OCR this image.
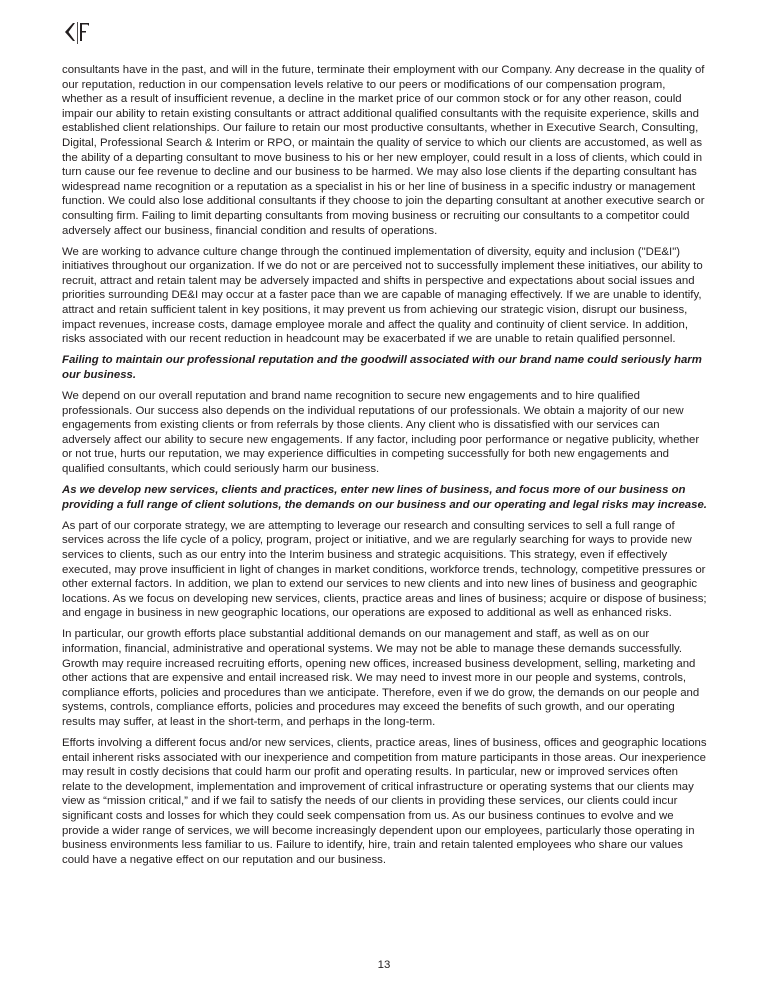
consultants have in the past, and will in the future, terminate their employment with our Company. Any decrease in the quality of our reputation, reduction in our compensation levels relative to our peers or modifications of our compensation program, whether as a result of insufficient revenue, a decline in the market price of our common stock or for any other reason, could impair our ability to retain existing consultants or attract additional qualified consultants with the requisite experience, skills and established client relationships. Our failure to retain our most productive consultants, whether in Executive Search, Consulting, Digital, Professional Search & Interim or RPO, or maintain the quality of service to which our clients are accustomed, as well as the ability of a departing consultant to move business to his or her new employer, could result in a loss of clients, which could in turn cause our fee revenue to decline and our business to be harmed. We may also lose clients if the departing consultant has widespread name recognition or a reputation as a specialist in his or her line of business in a specific industry or management function. We could also lose additional consultants if they choose to join the departing consultant at another executive search or consulting firm. Failing to limit departing consultants from moving business or recruiting our consultants to a competitor could adversely affect our business, financial condition and results of operations.

We are working to advance culture change through the continued implementation of diversity, equity and inclusion ("DE&I") initiatives throughout our organization. If we do not or are perceived not to successfully implement these initiatives, our ability to recruit, attract and retain talent may be adversely impacted and shifts in perspective and expectations about social issues and priorities surrounding DE&I may occur at a faster pace than we are capable of managing effectively. If we are unable to identify, attract and retain sufficient talent in key positions, it may prevent us from achieving our strategic vision, disrupt our business, impact revenues, increase costs, damage employee morale and affect the quality and continuity of client service. In addition, risks associated with our recent reduction in headcount may be exacerbated if we are unable to retain qualified personnel.

Failing to maintain our professional reputation and the goodwill associated with our brand name could seriously harm our business.

We depend on our overall reputation and brand name recognition to secure new engagements and to hire qualified professionals. Our success also depends on the individual reputations of our professionals. We obtain a majority of our new engagements from existing clients or from referrals by those clients. Any client who is dissatisfied with our services can adversely affect our ability to secure new engagements. If any factor, including poor performance or negative publicity, whether or not true, hurts our reputation, we may experience difficulties in competing successfully for both new engagements and qualified consultants, which could seriously harm our business.

As we develop new services, clients and practices, enter new lines of business, and focus more of our business on providing a full range of client solutions, the demands on our business and our operating and legal risks may increase.

As part of our corporate strategy, we are attempting to leverage our research and consulting services to sell a full range of services across the life cycle of a policy, program, project or initiative, and we are regularly searching for ways to provide new services to clients, such as our entry into the Interim business and strategic acquisitions. This strategy, even if effectively executed, may prove insufficient in light of changes in market conditions, workforce trends, technology, competitive pressures or other external factors. In addition, we plan to extend our services to new clients and into new lines of business and geographic locations. As we focus on developing new services, clients, practice areas and lines of business; acquire or dispose of business; and engage in business in new geographic locations, our operations are exposed to additional as well as enhanced risks.

In particular, our growth efforts place substantial additional demands on our management and staff, as well as on our information, financial, administrative and operational systems. We may not be able to manage these demands successfully. Growth may require increased recruiting efforts, opening new offices, increased business development, selling, marketing and other actions that are expensive and entail increased risk. We may need to invest more in our people and systems, controls, compliance efforts, policies and procedures than we anticipate. Therefore, even if we do grow, the demands on our people and systems, controls, compliance efforts, policies and procedures may exceed the benefits of such growth, and our operating results may suffer, at least in the short-term, and perhaps in the long-term.

Efforts involving a different focus and/or new services, clients, practice areas, lines of business, offices and geographic locations entail inherent risks associated with our inexperience and competition from mature participants in those areas. Our inexperience may result in costly decisions that could harm our profit and operating results. In particular, new or improved services often relate to the development, implementation and improvement of critical infrastructure or operating systems that our clients may view as “mission critical,” and if we fail to satisfy the needs of our clients in providing these services, our clients could incur significant costs and losses for which they could seek compensation from us. As our business continues to evolve and we provide a wider range of services, we will become increasingly dependent upon our employees, particularly those operating in business environments less familiar to us. Failure to identify, hire, train and retain talented employees who share our values could have a negative effect on our reputation and our business.

13
